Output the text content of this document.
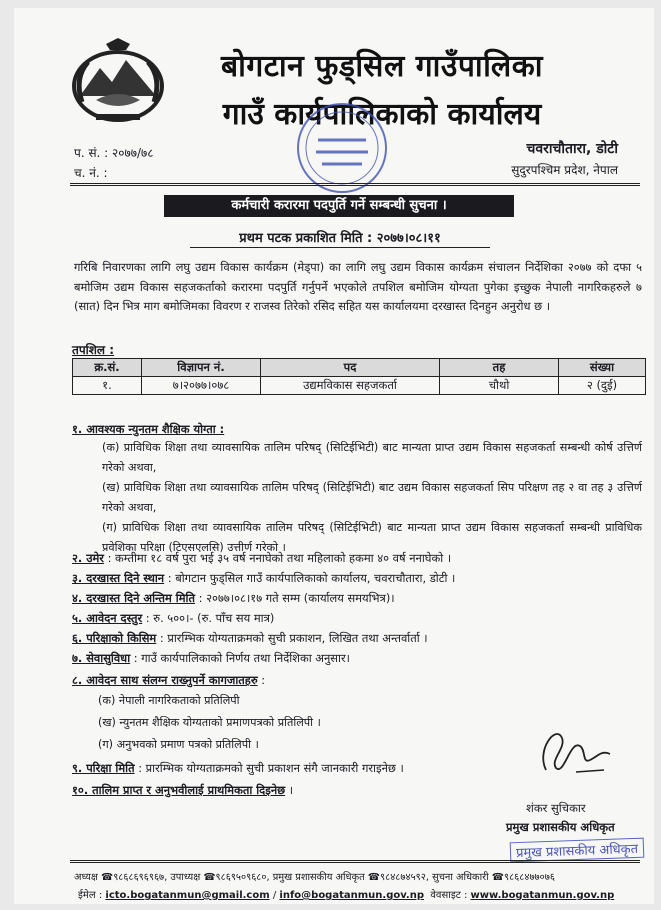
बोगटान फुड्सिल गाउँपालिका
गाउँ कार्यपालिकाको कार्यालय
प. सं. : २०७७/७८
च. नं. :
चवराचौतारा, डोटी
सुदुरपश्चिम प्रदेश, नेपाल
कर्मचारी करारमा पदपुर्ति गर्ने सम्बन्धी सुचना ।
प्रथम पटक प्रकाशित मिति : २०७७।०८।११
गरिबि निवारणका लागि लघु उद्यम विकास कार्यक्रम (मेड्पा) का लागि लघु उद्यम विकास कार्यक्रम संचालन निर्देशिका २०७७ को दफा ५ बमोजिम उद्यम विकास सहजकर्ताको करारमा पदपुर्ति गर्नुपर्ने भएकोले तपशिल बमोजिम योग्यता पुगेका इच्छुक नेपाली नागरिकहरुले ७ (सात) दिन भित्र माग बमोजिमका विवरण र राजस्व तिरेको रसिद सहित यस कार्यालयमा दरखास्त दिनहुन अनुरोध छ ।
तपशिल :
क्र.सं.	विज्ञापन नं.	पद	तह	संख्या
१.	७।२०७७।०७८	उद्यमविकास सहजकर्ता	चौथो	२ (दुई)
१. आवश्यक न्युनतम शैक्षिक योग्ता :
(क) प्राविधिक शिक्षा तथा व्यावसायिक तालिम परिषद् (सिटिईभिटी) बाट मान्यता प्राप्त उद्यम विकास सहजकर्ता सम्बन्धी कोर्ष उत्तिर्ण गरेको अथवा,
(ख) प्राविधिक शिक्षा तथा व्यावसायिक तालिम परिषद् (सिटिईभिटी) बाट उद्यम विकास सहजकर्ता सिप परिक्षण तह २ वा तह ३ उत्तिर्ण गरेको अथवा,
(ग) प्राविधिक शिक्षा तथा व्यावसायिक तालिम परिषद् (सिटिईभिटी) बाट मान्यता प्राप्त उद्यम विकास सहजकर्ता सम्बन्धी प्राविधिक प्रवेशिका परिक्षा (टिएसएलसि) उत्तीर्ण गरेको ।
२. उमेर : कम्तीमा १८ वर्ष पुरा भई ३५ वर्ष ननाघेको तथा महिलाको हकमा ४० वर्ष ननाघेको ।
३. दरखास्त दिने स्थान : बोगटान फुड्सिल गाउँ कार्यपालिकाको कार्यालय, चवराचौतारा, डोटी ।
४. दरखास्त दिने अन्तिम मिति : २०७७।०८।१७ गते सम्म (कार्यालय समयभित्र)।
५. आवेदन दस्तुर : रु. ५००।- (रु. पाँच सय मात्र)
६. परिक्षाको किसिम : प्रारम्भिक योग्यताक्रमको सुची प्रकाशन, लिखित तथा अन्तर्वार्ता ।
७. सेवासुविधा : गाउँ कार्यपालिकाको निर्णय तथा निर्देशिका अनुसार।
८. आवेदन साथ संलग्न राख्नुपर्ने कागजातहरु :
(क) नेपाली नागरिकताको प्रतिलिपी
(ख) न्युनतम शैक्षिक योग्यताको प्रमाणपत्रको प्रतिलिपी ।
(ग) अनुभवको प्रमाण पत्रको प्रतिलिपी ।
९. परिक्षा मिति : प्रारम्भिक योग्यताक्रमको सुची प्रकाशन संगै जानकारी गराइनेछ ।
१०. तालिम प्राप्त र अनुभवीलाई प्राथमिकता दिइनेछ ।
शंकर सुचिकार
प्रमुख प्रशासकीय अधिकृत
प्रमुख प्रशासकीय अधिकृत
अध्यक्ष ☎९८६८६९६९६७, उपाध्यक्ष ☎९८६९५०९६८०, प्रमुख प्रशासकीय अधिकृत ☎९८४८७४५९२, सुचना अधिकारी ☎९८६८४७७०७६
ईमेल : icto.bogatanmun@gmail.com / info@bogatanmun.gov.np वेवसाइट : www.bogatanmun.gov.np
